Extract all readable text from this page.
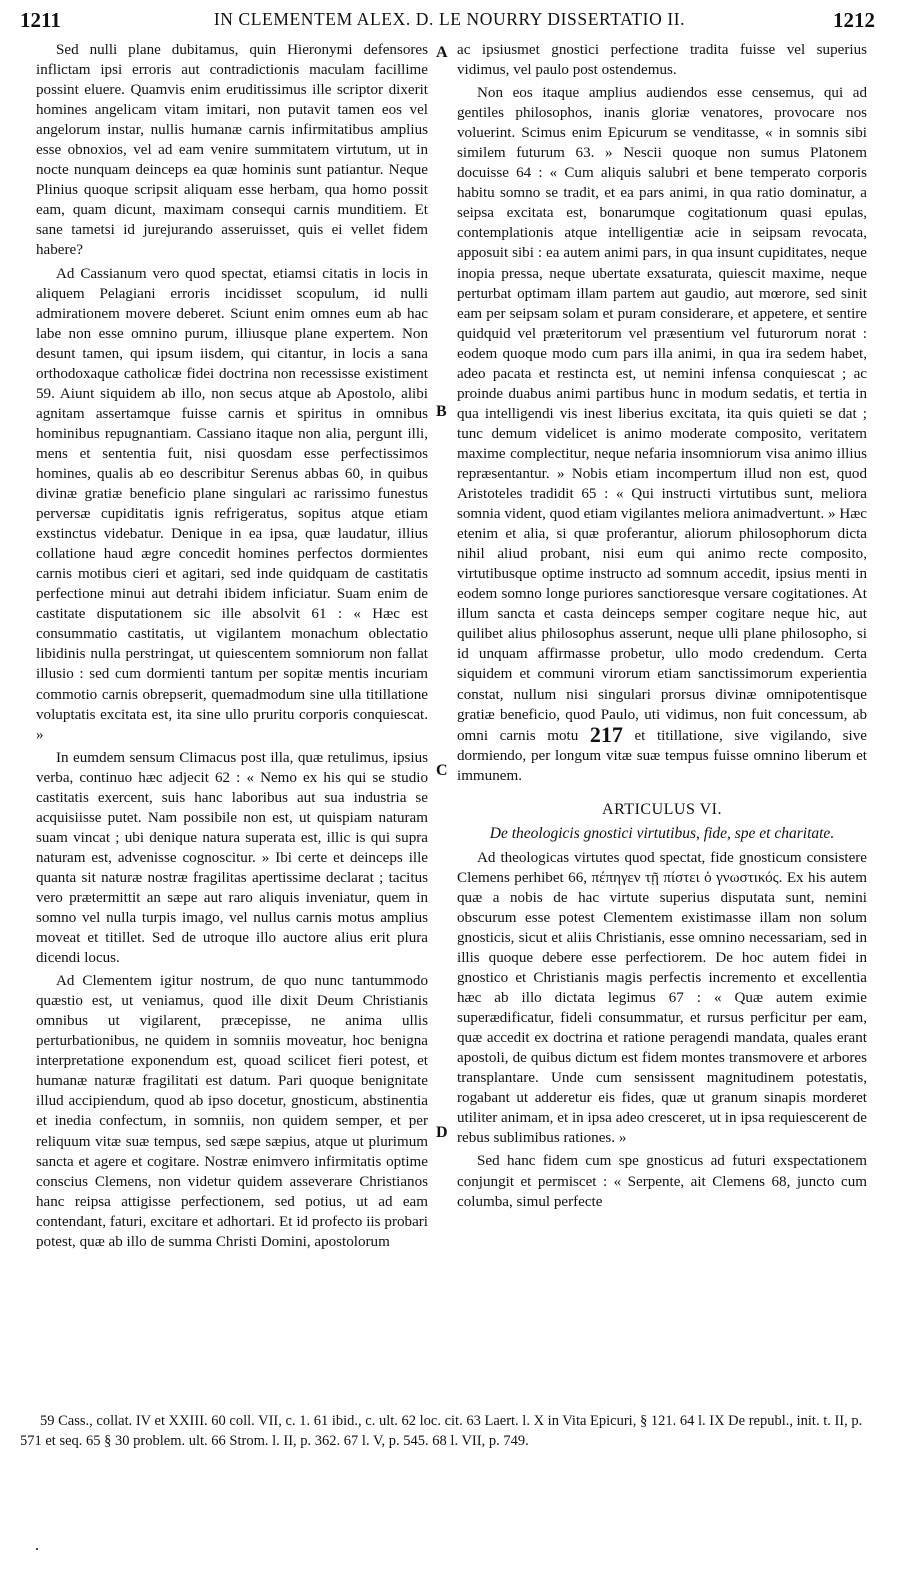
1211	IN CLEMENTEM ALEX. D. LE NOURRY DISSERTATIO II.	1212
A
B
C
D

Sed nulli plane dubitamus, quin Hieronymi defensores inflictam ipsi erroris aut contradictionis maculam facillime possint eluere. Quamvis enim eruditissimus ille scriptor dixerit homines angelicam vitam imitari, non putavit tamen eos vel angelorum instar, nullis humanæ carnis infirmitatibus amplius esse obnoxios, vel ad eam venire summitatem virtutum, ut in nocte nunquam deinceps ea quæ hominis sunt patiantur. Neque Plinius quoque scripsit aliquam esse herbam, qua homo possit eam, quam dicunt, maximam consequi carnis munditiem. Et sane tametsi id jurejurando asseruisset, quis ei vellet fidem habere?

Ad Cassianum vero quod spectat, etiamsi citatis in locis in aliquem Pelagiani erroris incidisset scopulum, id nulli admirationem movere deberet. Sciunt enim omnes eum ab hac labe non esse omnino purum, illiusque plane expertem. Non desunt tamen, qui ipsum iisdem, qui citantur, in locis a sana orthodoxaque catholicæ fidei doctrina non recessisse existiment 59. Aiunt siquidem ab illo, non secus atque ab Apostolo, alibi agnitam assertamque fuisse carnis et spiritus in omnibus hominibus repugnantiam. Cassiano itaque non alia, pergunt illi, mens et sententia fuit, nisi quosdam esse perfectissimos homines, qualis ab eo describitur Serenus abbas 60, in quibus divinæ gratiæ beneficio plane singulari ac rarissimo funestus perversæ cupiditatis ignis refrigeratus, sopitus atque etiam exstinctus videbatur. Denique in ea ipsa, quæ laudatur, illius collatione haud ægre concedit homines perfectos dormientes carnis motibus cieri et agitari, sed inde quidquam de castitatis perfectione minui aut detrahi ibidem inficiatur. Suam enim de castitate disputationem sic ille absolvit 61 : « Hæc est consummatio castitatis, ut vigilantem monachum oblectatio libidinis nulla perstringat, ut quiescentem somniorum non fallat illusio : sed cum dormienti tantum per sopitæ mentis incuriam commotio carnis obrepserit, quemadmodum sine ulla titillatione voluptatis excitata est, ita sine ullo pruritu corporis conquiescat. »

In eumdem sensum Climacus post illa, quæ retulimus, ipsius verba, continuo hæc adjecit 62 : « Nemo ex his qui se studio castitatis exercent, suis hanc laboribus aut sua industria se acquisiisse putet. Nam possibile non est, ut quispiam naturam suam vincat ; ubi denique natura superata est, illic is qui supra naturam est, advenisse cognoscitur. » Ibi certe et deinceps ille quanta sit naturæ nostræ fragilitas apertissime declarat ; tacitus vero prætermittit an sæpe aut raro aliquis inveniatur, quem in somno vel nulla turpis imago, vel nullus carnis motus amplius moveat et titillet. Sed de utroque illo auctore alius erit plura dicendi locus.

Ad Clementem igitur nostrum, de quo nunc tantummodo quæstio est, ut veniamus, quod ille dixit Deum Christianis omnibus ut vigilarent, præcepisse, ne anima ullis perturbationibus, ne quidem in somniis moveatur, hoc benigna interpretatione exponendum est, quoad scilicet fieri potest, et humanæ naturæ fragilitati est datum. Pari quoque benignitate illud accipiendum, quod ab ipso docetur, gnosticum, abstinentia et inedia confectum, in somniis, non quidem semper, et per reliquum vitæ suæ tempus, sed sæpe sæpius, atque ut plurimum sancta et agere et cogitare. Nostræ enimvero infirmitatis optime conscius Clemens, non videtur quidem asseverare Christianos hanc reipsa attigisse perfectionem, sed potius, ut ad eam contendant, faturi, excitare et adhortari. Et id profecto iis probari potest, quæ ab illo de summa Christi Domini, apostolorum

ac ipsiusmet gnostici perfectione tradita fuisse vel superius vidimus, vel paulo post ostendemus.

Non eos itaque amplius audiendos esse censemus, qui ad gentiles philosophos, inanis gloriæ venatores, provocare nos voluerint. Scimus enim Epicurum se venditasse, « in somnis sibi similem futurum 63. » Nescii quoque non sumus Platonem docuisse 64 : « Cum aliquis salubri et bene temperato corporis habitu somno se tradit, et ea pars animi, in qua ratio dominatur, a seipsa excitata est, bonarumque cogitationum quasi epulas, contemplationis atque intelligentiæ acie in seipsam revocata, apposuit sibi : ea autem animi pars, in qua insunt cupiditates, neque inopia pressa, neque ubertate exsaturata, quiescit maxime, neque perturbat optimam illam partem aut gaudio, aut mœrore, sed sinit eam per seipsam solam et puram considerare, et appetere, et sentire quidquid vel præteritorum vel præsentium vel futurorum norat : eodem quoque modo cum pars illa animi, in qua ira sedem habet, adeo pacata et restincta est, ut nemini infensa conquiescat ; ac proinde duabus animi partibus hunc in modum sedatis, et tertia in qua intelligendi vis inest liberius excitata, ita quis quieti se dat ; tunc demum videlicet is animo moderate composito, veritatem maxime complectitur, neque nefaria insomniorum visa animo illius repræsentantur. » Nobis etiam incompertum illud non est, quod Aristoteles tradidit 65 : « Qui instructi virtutibus sunt, meliora somnia vident, quod etiam vigilantes meliora animadvertunt. » Hæc etenim et alia, si quæ proferantur, aliorum philosophorum dicta nihil aliud probant, nisi eum qui animo recte composito, virtutibusque optime instructo ad somnum accedit, ipsius menti in eodem somno longe puriores sanctioresque versare cogitationes. At illum sancta et casta deinceps semper cogitare neque hic, aut quilibet alius philosophus asserunt, neque ulli plane philosopho, si id unquam affirmasse probetur, ullo modo credendum. Certa siquidem et communi virorum etiam sanctissimorum experientia constat, nullum nisi singulari prorsus divinæ omnipotentisque gratiæ beneficio, quod Paulo, uti vidimus, non fuit concessum, ab omni carnis motu 217 et titillatione, sive vigilando, sive dormiendo, per longum vitæ suæ tempus fuisse omnino liberum et immunem.

ARTICULUS VI.
De theologicis gnostici virtutibus, fide, spe et charitate.

Ad theologicas virtutes quod spectat, fide gnosticum consistere Clemens perhibet 66, πέπηγεν τῇ πίστει ὁ γνωστικός. Ex his autem quæ a nobis de hac virtute superius disputata sunt, nemini obscurum esse potest Clementem existimasse illam non solum gnosticis, sicut et aliis Christianis, esse omnino necessariam, sed in illis quoque debere esse perfectiorem. De hoc autem fidei in gnostico et Christianis magis perfectis incremento et excellentia hæc ab illo dictata legimus 67 : « Quæ autem eximie superædificatur, fideli consummatur, et rursus perficitur per eam, quæ accedit ex doctrina et ratione peragendi mandata, quales erant apostoli, de quibus dictum est fidem montes transmovere et arbores transplantare. Unde cum sensissent magnitudinem potestatis, rogabant ut adderetur eis fides, quæ ut granum sinapis morderet utiliter animam, et in ipsa adeo cresceret, ut in ipsa requiescerent de rebus sublimibus rationes. »

Sed hanc fidem cum spe gnosticus ad futuri exspectationem conjungit et permiscet : « Serpente, ait Clemens 68, juncto cum columba, simul perfecte

59 Cass., collat. IV et XXIII. 60 coll. VII, c. 1. 61 ibid., c. ult. 62 loc. cit. 63 Laert. l. X in Vita Epicuri, § 121. 64 l. IX De republ., init. t. II, p. 571 et seq. 65 § 30 problem. ult. 66 Strom. l. II, p. 362. 67 l. V, p. 545. 68 l. VII, p. 749.
